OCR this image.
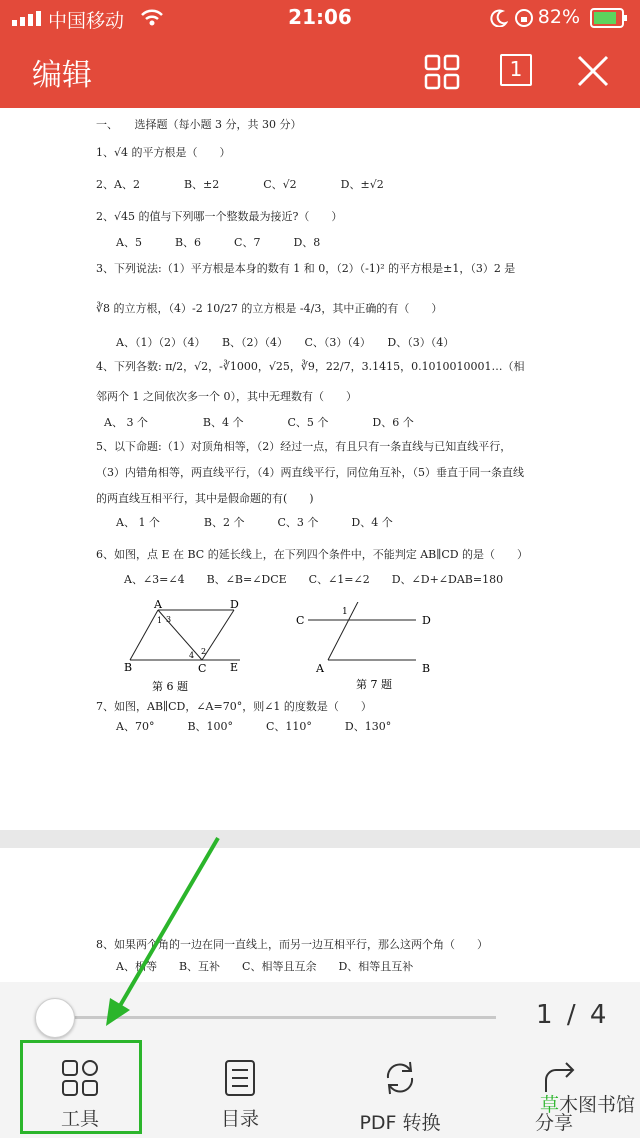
中国移动	21:06	82%
编辑	1
一、　　选择题（每小题 3 分，共 30 分）
1、√4 的平方根是（　　）
2、A、2　　　　B、±2　　　　C、√2　　　　D、±√2
2、√45 的值与下列哪一个整数最为接近?（　　）
A、5　　　B、6　　　C、7　　　D、8
3、下列说法:（1）平方根是本身的数有 1 和 0，（2）（-1)² 的平方根是±1，（3）2 是
∛8 的立方根，（4）-2 10/27 的立方根是 -4/3，其中正确的有（　　）
A、（1）（2）（4）　　B、（2）（4）　　C、（3）（4）　　D、（3）（4）
4、下列各数: π/2，√2，-∛1000，√25，∛9，22/7，3.1415，0.1010010001…（相
邻两个 1 之间依次多一个 0），其中无理数有（　　）
A、 3 个　　　　　B、4 个　　　　C、5 个　　　　D、6 个
5、以下命题:（1）对顶角相等，（2）经过一点，有且只有一条直线与已知直线平行，
（3）内错角相等，两直线平行，（4）两直线平行，同位角互补，（5）垂直于同一条直线
的两直线互相平行，其中是假命题的有(　　)
A、 1 个　　　　B、2 个　　　C、3 个　　　D、4 个
6、如图，点 E 在 BC 的延长线上，在下列四个条件中，不能判定 AB∥CD 的是（　　）
A、∠3=∠4　　B、∠B=∠DCE　　C、∠1=∠2　　D、∠D+∠DAB=180
A	D
B	C E
1 3
2
4
第 6 题
C	D
A	B
1
第 7 题
7、如图，AB∥CD，∠A=70°，则∠1 的度数是（　　）
A、70°　　　B、100°　　　C、110°　　　D、130°
8、如果两个角的一边在同一直线上，而另一边互相平行，那么这两个角（　　）
A、相等　　B、互补　　C、相等且互余　　D、相等且互补
1 / 4
工具	目录	PDF 转换	分享
草木图书馆
